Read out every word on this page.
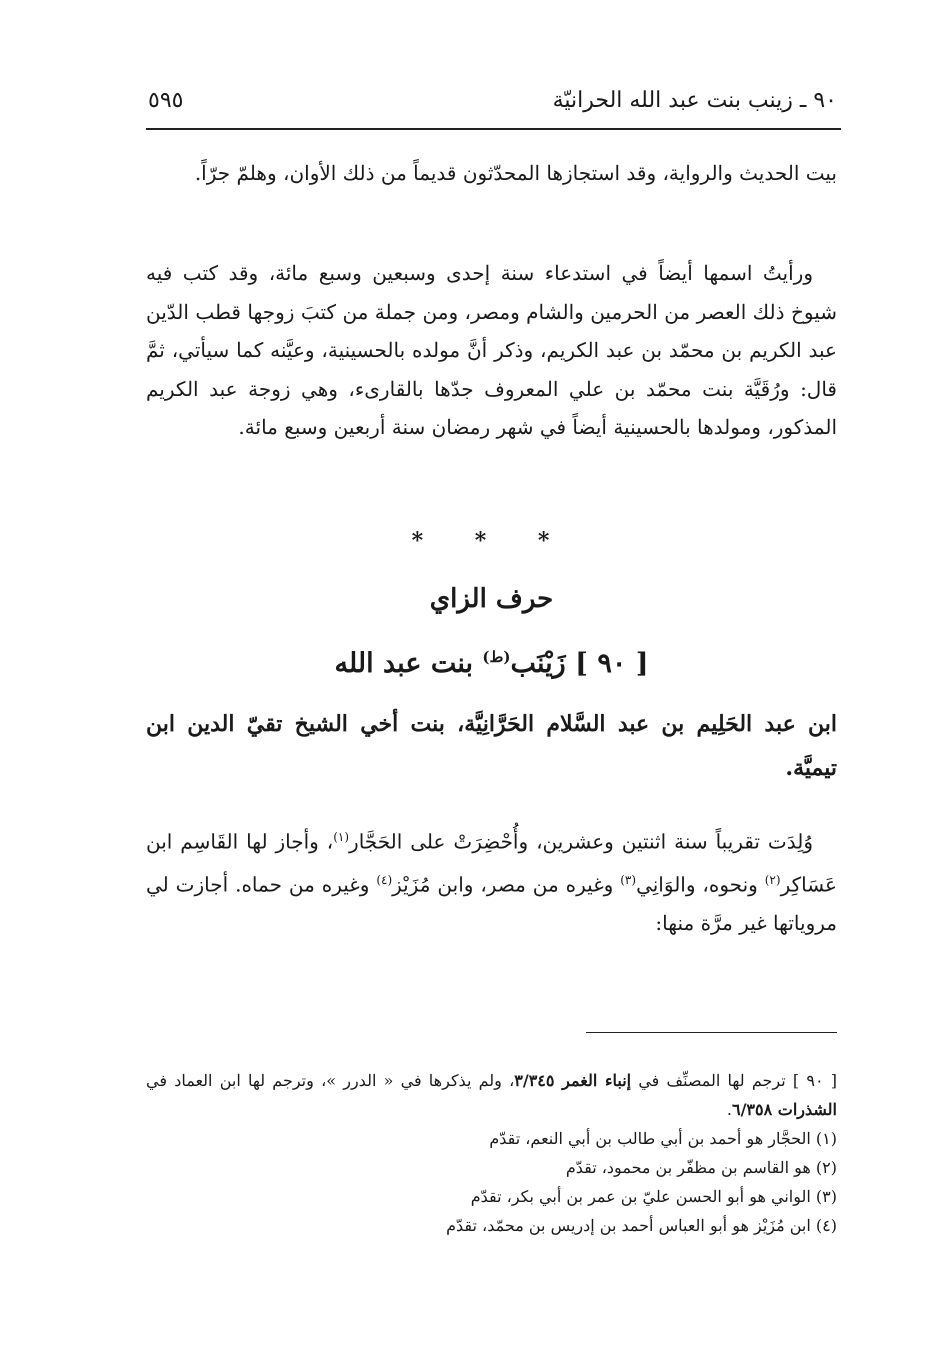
٩٠ ـ زينب بنت عبد الله الحرانيّة
٥٩٥
بيت الحديث والرواية، وقد استجازها المحدّثون قديماً من ذلك الأوان، وهلمّ جرّاً.
ورأيتُ اسمها أيضاً في استدعاء سنة إحدى وسبعين وسبع مائة، وقد كتب فيه شيوخ ذلك العصر من الحرمين والشام ومصر، ومن جملة من كتبَ زوجها قطب الدّين عبد الكريم بن محمّد بن عبد الكريم، وذكر أنَّ مولده بالحسينية، وعيَّنه كما سيأتي، ثمَّ قال: ورُقَيَّة بنت محمّد بن علي المعروف جدّها بالقارىء، وهي زوجة عبد الكريم المذكور، ومولدها بالحسينية أيضاً في شهر رمضان سنة أربعين وسبع مائة.
* * *
حرف الزاي
[ ٩٠ ] زَيْنَب$^{(ط)}$ بنت عبد الله
ابن عبد الحَلِيم بن عبد السَّلام الحَرَّانِيَّة، بنت أخي الشيخ تقيّ الدين ابن تيميَّة.
وُلِدَت تقريباً سنة اثنتين وعشرين، وأُحْضِرَتْ على الحَجَّار$^{(١)}$، وأجاز لها القَاسِم ابن عَسَاكِر$^{(٢)}$ ونحوه، والوَانِي$^{(٣)}$ وغيره من مصر، وابن مُزَيْز$^{(٤)}$ وغيره من حماه. أجازت لي مروياتها غير مرَّة منها:
[ ٩٠ ] ترجم لها المصنِّف في إنباء الغمر ٣/٣٤٥، ولم يذكرها في « الدرر »، وترجم لها ابن العماد في الشذرات ٦/٣٥٨.
(١) الحجَّار هو أحمد بن أبي طالب بن أبي النعم، تقدّم
(٢) هو القاسم بن مظفّر بن محمود، تقدّم
(٣) الواني هو أبو الحسن عليّ بن عمر بن أبي بكر، تقدّم
(٤) ابن مُزَيْز هو أبو العباس أحمد بن إدريس بن محمّد، تقدّم
